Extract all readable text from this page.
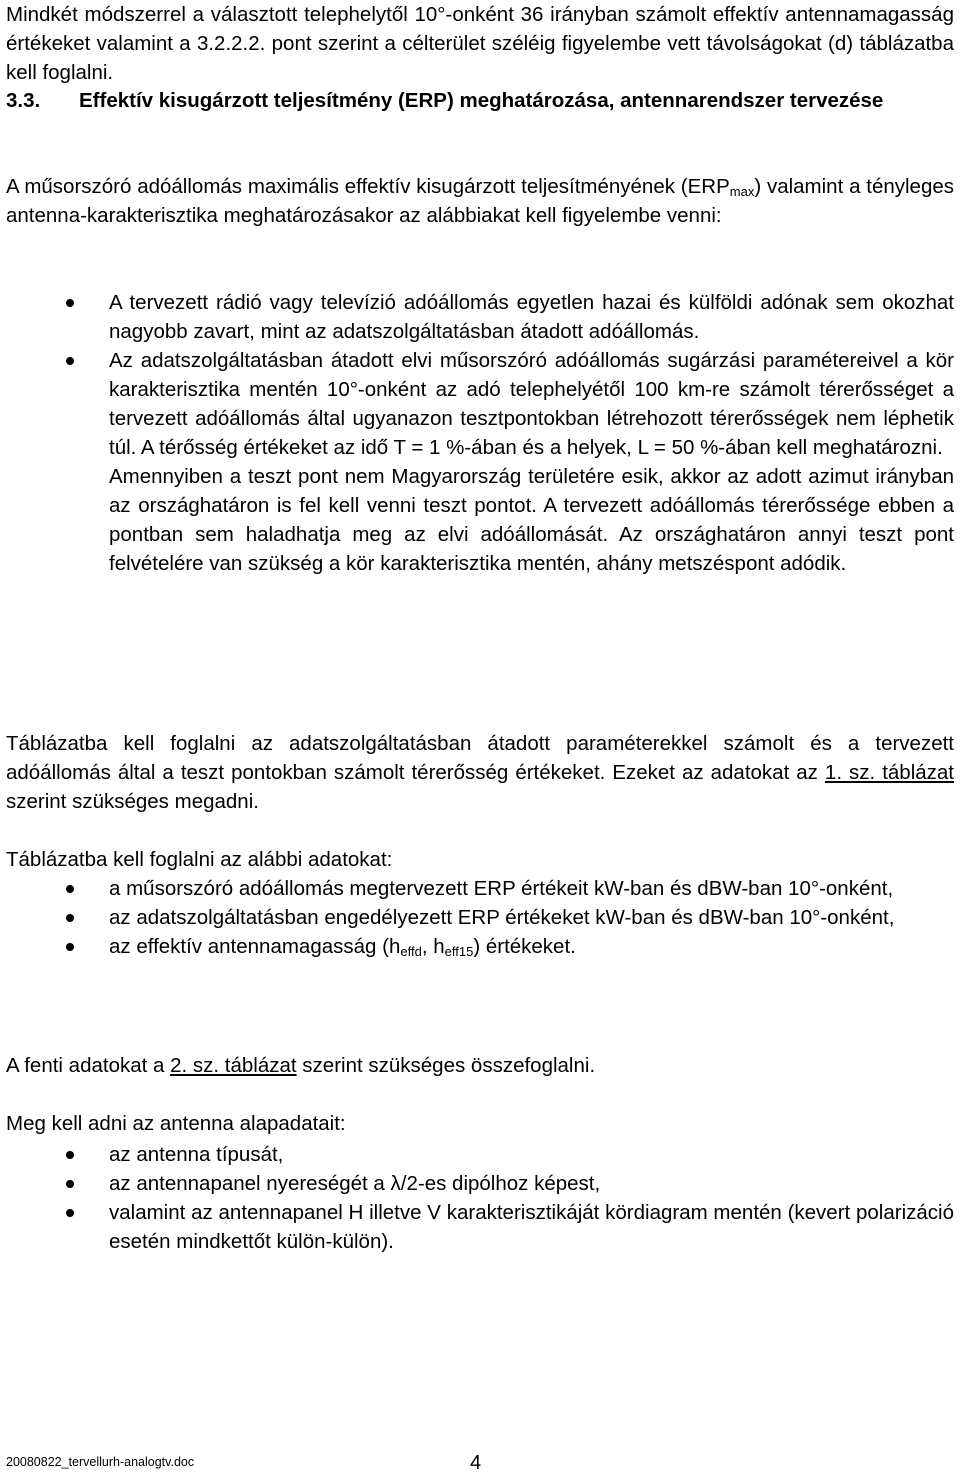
Mindkét módszerrel a választott telephelytől 10°-onként 36 irányban számolt effektív antennamagasság értékeket valamint a 3.2.2.2. pont szerint a célterület széléig figyelembe vett távolságokat (d) táblázatba kell foglalni.
3.3.	Effektív kisugárzott teljesítmény (ERP) meghatározása, antennarendszer tervezése
A műsorszóró adóállomás maximális effektív kisugárzott teljesítményének $(ERP_{max})$ valamint a tényleges antenna-karakterisztika meghatározásakor az alábbiakat kell figyelembe venni:
A tervezett rádió vagy televízió adóállomás egyetlen hazai és külföldi adónak sem okozhat nagyobb zavart, mint az adatszolgáltatásban átadott adóállomás.
Az adatszolgáltatásban átadott elvi műsorszóró adóállomás sugárzási paramétereivel a kör karakterisztika mentén 10°-onként az adó telephelyétől 100 km-re számolt térerősséget a tervezett adóállomás által ugyanazon tesztpontokban létrehozott térerősségek nem léphetik túl. A térősség értékeket az idő T = 1 %-ában és a helyek, L = 50 %-ában kell meghatározni.
Amennyiben a teszt pont nem Magyarország területére esik, akkor az adott azimut irányban az országhatáron is fel kell venni teszt pontot. A tervezett adóállomás térerőssége ebben a pontban sem haladhatja meg az elvi adóállomását. Az országhatáron annyi teszt pont felvételére van szükség a kör karakterisztika mentén, ahány metszéspont adódik.
Táblázatba kell foglalni az adatszolgáltatásban átadott paraméterekkel számolt és a tervezett adóállomás által a teszt pontokban számolt térerősség értékeket. Ezeket az adatokat az 1. sz. táblázat szerint szükséges megadni.
Táblázatba kell foglalni az alábbi adatokat:
a műsorszóró adóállomás megtervezett ERP értékeit kW-ban és dBW-ban 10°-onként,
az adatszolgáltatásban engedélyezett ERP értékeket kW-ban és dBW-ban 10°-onként,
az effektív antennamagasság ($h_{effd}$, $h_{eff15}$) értékeket.
A fenti adatokat a 2. sz. táblázat szerint szükséges összefoglalni.
Meg kell adni az antenna alapadatait:
az antenna típusát,
az antennapanel nyereségét a λ/2-es dipólhoz képest,
valamint az antennapanel H illetve V karakterisztikáját kördiagram mentén (kevert polarizáció esetén mindkettőt külön-külön).
20080822_tervellurh-analogtv.doc	4
